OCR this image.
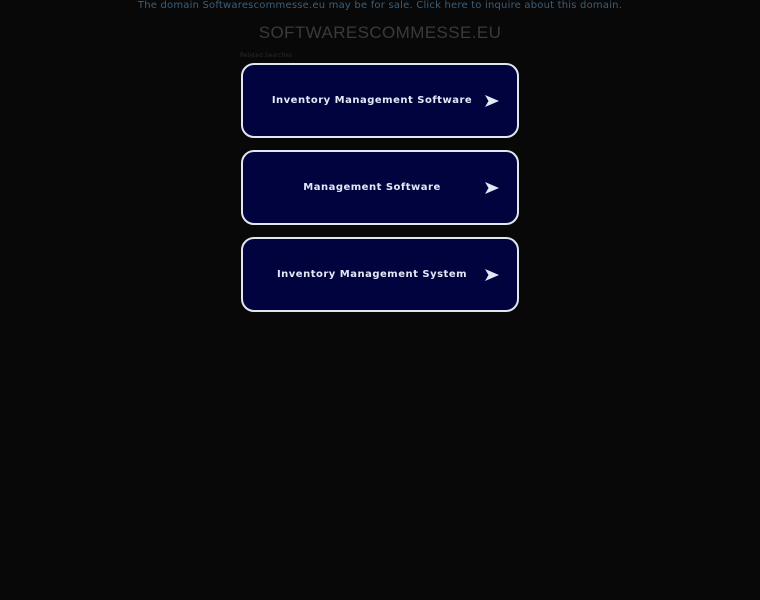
The domain Softwarescommesse.eu may be for sale. Click here to inquire about this domain.
SOFTWARESCOMMESSE.EU
Related Searches
Inventory Management Software
Management Software
Inventory Management System
